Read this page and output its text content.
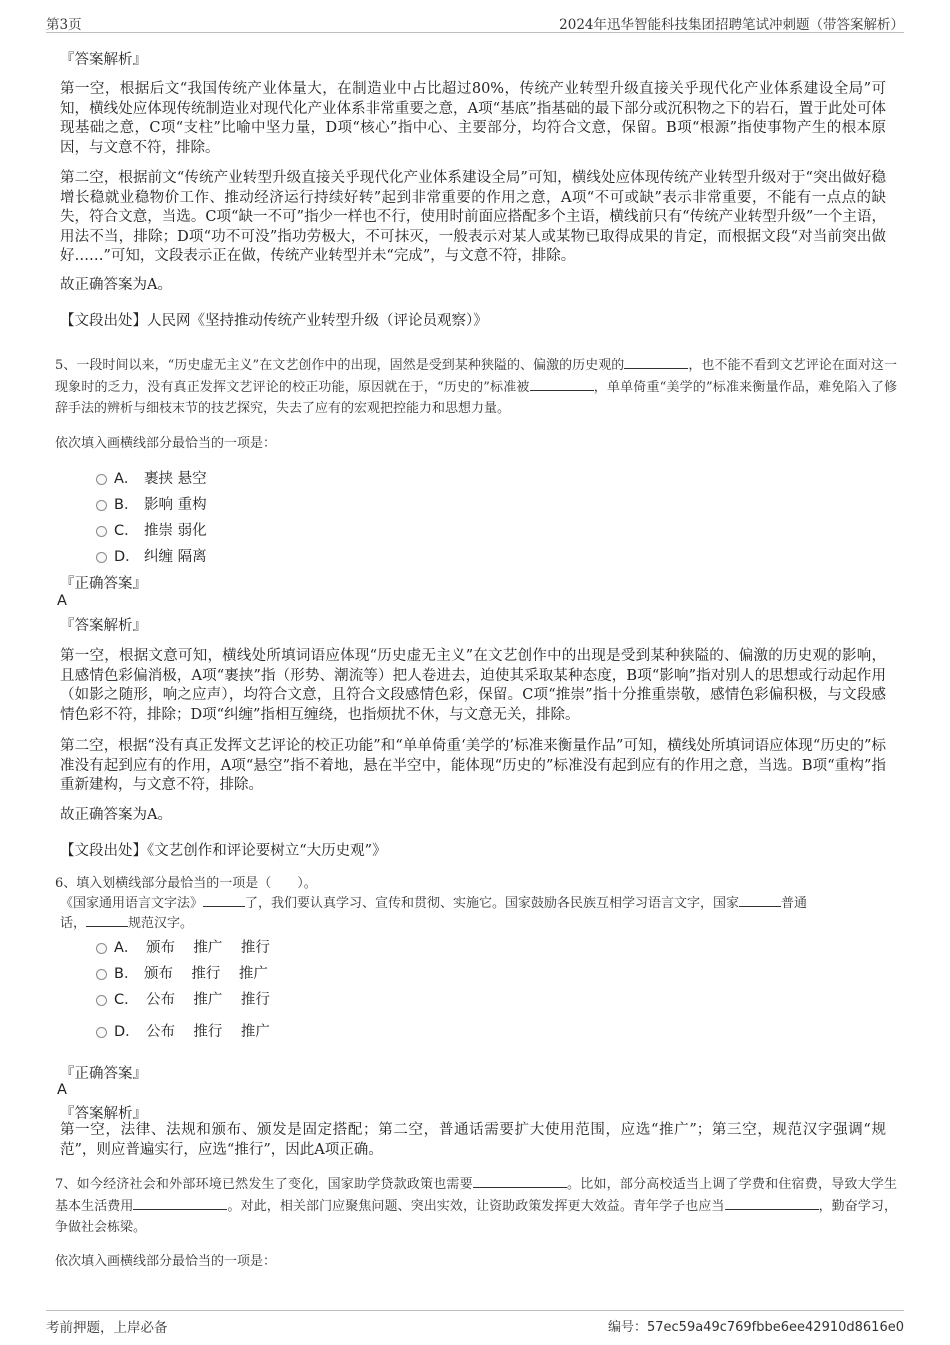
第3页	2024年迅华智能科技集团招聘笔试冲刺题（带答案解析）
『答案解析』
第一空，根据后文“我国传统产业体量大，在制造业中占比超过80%，传统产业转型升级直接关乎现代化产业体系建设全局”可知，横线处应体现传统制造业对现代化产业体系非常重要之意，A项“基底”指基础的最下部分或沉积物之下的岩石，置于此处可体现基础之意，C项“支柱”比喻中坚力量，D项“核心”指中心、主要部分，均符合文意，保留。B项“根源”指使事物产生的根本原因，与文意不符，排除。
第二空，根据前文“传统产业转型升级直接关乎现代化产业体系建设全局”可知，横线处应体现传统产业转型升级对于“突出做好稳增长稳就业稳物价工作、推动经济运行持续好转”起到非常重要的作用之意，A项“不可或缺”表示非常重要，不能有一点点的缺失，符合文意，当选。C项“缺一不可”指少一样也不行，使用时前面应搭配多个主语，横线前只有“传统产业转型升级”一个主语，用法不当，排除；D项“功不可没”指功劳极大，不可抹灭，一般表示对某人或某物已取得成果的肯定，而根据文段“对当前突出做好……”可知，文段表示正在做，传统产业转型并未“完成”，与文意不符，排除。
故正确答案为A。
【文段出处】人民网《坚持推动传统产业转型升级（评论员观察）》
5、一段时间以来，“历史虚无主义”在文艺创作中的出现，固然是受到某种狭隘的、偏激的历史观的	，也不能不看到文艺评论在面对这一现象时的乏力，没有真正发挥文艺评论的校正功能，原因就在于，“历史的”标准被	，单单倚重“美学的”标准来衡量作品，难免陷入了修辞手法的辨析与细枝末节的技艺探究，失去了应有的宏观把控能力和思想力量。
依次填入画横线部分最恰当的一项是：
A． 裹挟 悬空
B． 影响 重构
C． 推崇 弱化
D． 纠缠 隔离
『正确答案』
A
『答案解析』
第一空，根据文意可知，横线处所填词语应体现“历史虚无主义”在文艺创作中的出现是受到某种狭隘的、偏激的历史观的影响，且感情色彩偏消极，A项“裹挟”指（形势、潮流等）把人卷进去，迫使其采取某种态度，B项“影响”指对别人的思想或行动起作用（如影之随形，响之应声），均符合文意，且符合文段感情色彩，保留。C项“推崇”指十分推重崇敬，感情色彩偏积极，与文段感情色彩不符，排除；D项“纠缠”指相互缠绕，也指烦扰不休，与文意无关，排除。
第二空，根据“没有真正发挥文艺评论的校正功能”和“单单倚重‘美学的’标准来衡量作品”可知，横线处所填词语应体现“历史的”标准没有起到应有的作用，A项“悬空”指不着地，悬在半空中，能体现“历史的”标准没有起到应有的作用之意，当选。B项“重构”指重新建构，与文意不符，排除。
故正确答案为A。
【文段出处】《文艺创作和评论要树立“大历史观”》
6、填入划横线部分最恰当的一项是（　　）。
《国家通用语言文字法》	了，我们要认真学习、宣传和贯彻、实施它。国家鼓励各民族互相学习语言文字，国家	普通
话，	规范汉字。
A． 颁布    推广    推行
B． 颁布    推行    推广
C． 公布    推广    推行
D． 公布    推行    推广
『正确答案』
A
『答案解析』
第一空，法律、法规和颁布、颁发是固定搭配；第二空，普通话需要扩大使用范围，应选“推广”；第三空，规范汉字强调“规范”，则应普遍实行，应选“推行”，因此A项正确。
7、如今经济社会和外部环境已然发生了变化，国家助学贷款政策也需要	。比如，部分高校适当上调了学费和住宿费，导致大学生基本生活费用	。对此，相关部门应聚焦问题、突出实效，让资助政策发挥更大效益。青年学子也应当	，勤奋学习，争做社会栋梁。
依次填入画横线部分最恰当的一项是：
考前押题，上岸必备	编号：57ec59a49c769fbbe6ee42910d8616e0
